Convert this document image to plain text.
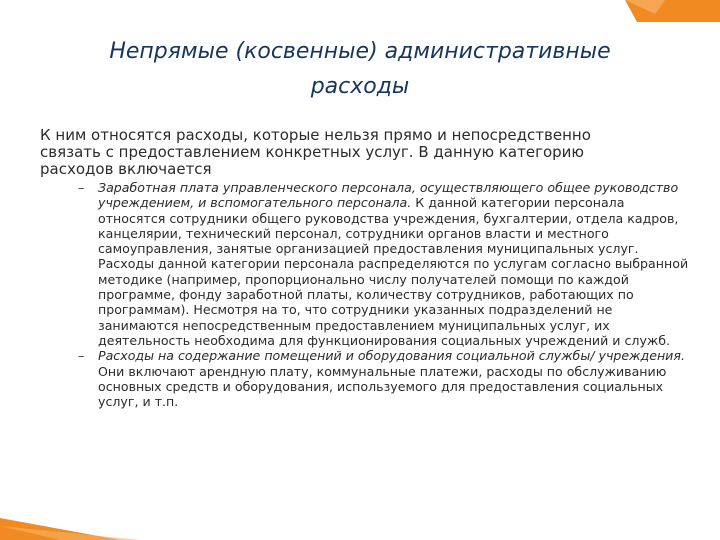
Непрямые (косвенные) административные
расходы

К ним относятся расходы, которые нельзя прямо и непосредственно связать с предоставлением конкретных услуг. В данную категорию расходов включается

– Заработная плата управленческого персонала, осуществляющего общее руководство учреждением, и вспомогательного персонала. К данной категории персонала относятся сотрудники общего руководства учреждения, бухгалтерии, отдела кадров, канцелярии, технический персонал, сотрудники органов власти и местного самоуправления, занятые организацией предоставления муниципальных услуг. Расходы данной категории персонала распределяются по услугам согласно выбранной методике (например, пропорционально числу получателей помощи по каждой программе, фонду заработной платы, количеству сотрудников, работающих по программам). Несмотря на то, что сотрудники указанных подразделений не занимаются непосредственным предоставлением муниципальных услуг, их деятельность необходима для функционирования социальных учреждений и служб.
– Расходы на содержание помещений и оборудования социальной службы/ учреждения. Они включают арендную плату, коммунальные платежи, расходы по обслуживанию основных средств и оборудования, используемого для предоставления социальных услуг, и т.п.
